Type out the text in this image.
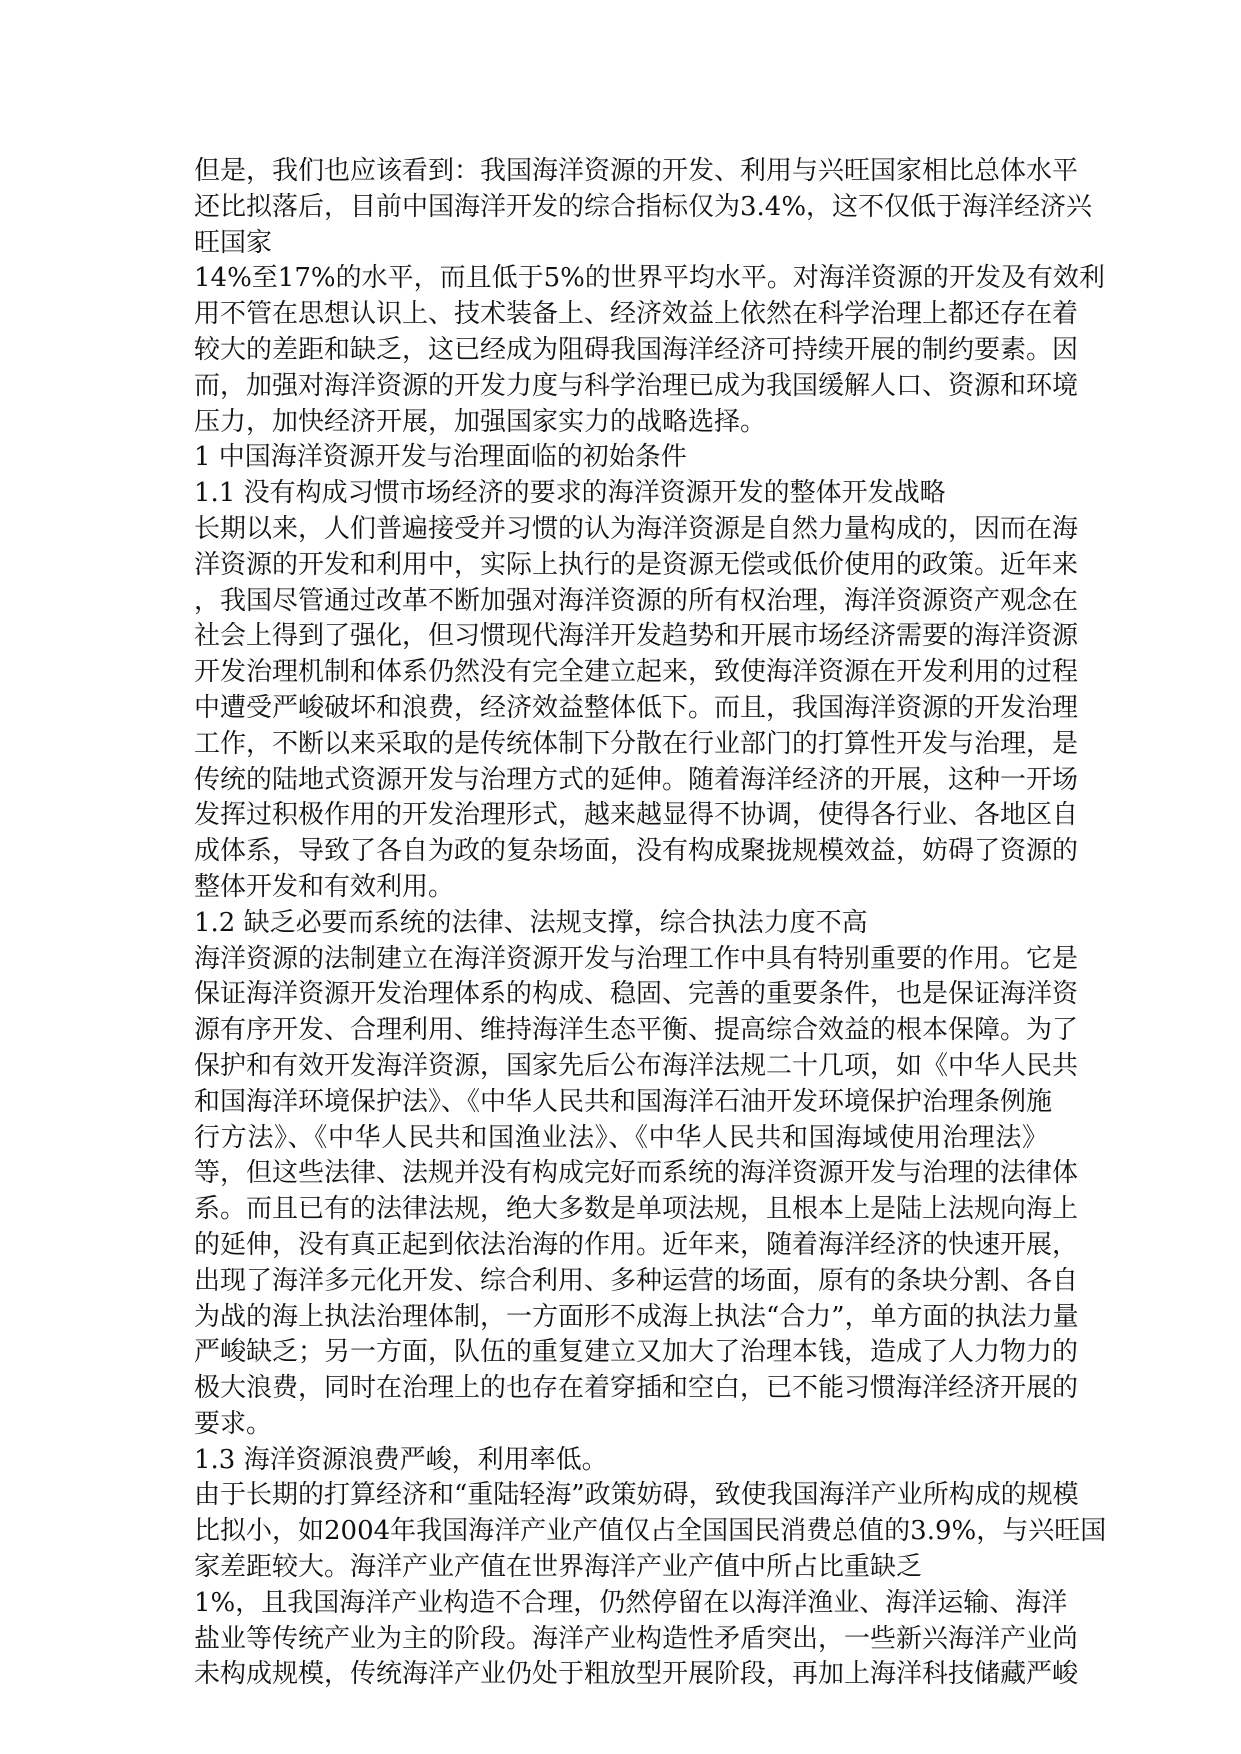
但是，我们也应该看到：我国海洋资源的开发、利用与兴旺国家相比总体水平
还比拟落后，目前中国海洋开发的综合指标仅为3.4%，这不仅低于海洋经济兴
旺国家
14%至17%的水平，而且低于5%的世界平均水平。对海洋资源的开发及有效利
用不管在思想认识上、技术装备上、经济效益上依然在科学治理上都还存在着
较大的差距和缺乏，这已经成为阻碍我国海洋经济可持续开展的制约要素。因
而，加强对海洋资源的开发力度与科学治理已成为我国缓解人口、资源和环境
压力，加快经济开展，加强国家实力的战略选择。
1 中国海洋资源开发与治理面临的初始条件
1.1 没有构成习惯市场经济的要求的海洋资源开发的整体开发战略
长期以来，人们普遍接受并习惯的认为海洋资源是自然力量构成的，因而在海
洋资源的开发和利用中，实际上执行的是资源无偿或低价使用的政策。近年来
，我国尽管通过改革不断加强对海洋资源的所有权治理，海洋资源资产观念在
社会上得到了强化，但习惯现代海洋开发趋势和开展市场经济需要的海洋资源
开发治理机制和体系仍然没有完全建立起来，致使海洋资源在开发利用的过程
中遭受严峻破坏和浪费，经济效益整体低下。而且，我国海洋资源的开发治理
工作，不断以来采取的是传统体制下分散在行业部门的打算性开发与治理，是
传统的陆地式资源开发与治理方式的延伸。随着海洋经济的开展，这种一开场
发挥过积极作用的开发治理形式，越来越显得不协调，使得各行业、各地区自
成体系，导致了各自为政的复杂场面，没有构成聚拢规模效益，妨碍了资源的
整体开发和有效利用。
1.2 缺乏必要而系统的法律、法规支撑，综合执法力度不高
海洋资源的法制建立在海洋资源开发与治理工作中具有特别重要的作用。它是
保证海洋资源开发治理体系的构成、稳固、完善的重要条件，也是保证海洋资
源有序开发、合理利用、维持海洋生态平衡、提高综合效益的根本保障。为了
保护和有效开发海洋资源，国家先后公布海洋法规二十几项，如《中华人民共
和国海洋环境保护法》、《中华人民共和国海洋石油开发环境保护治理条例施
行方法》、《中华人民共和国渔业法》、《中华人民共和国海域使用治理法》
等，但这些法律、法规并没有构成完好而系统的海洋资源开发与治理的法律体
系。而且已有的法律法规，绝大多数是单项法规，且根本上是陆上法规向海上
的延伸，没有真正起到依法治海的作用。近年来，随着海洋经济的快速开展，
出现了海洋多元化开发、综合利用、多种运营的场面，原有的条块分割、各自
为战的海上执法治理体制，一方面形不成海上执法“合力”，单方面的执法力量
严峻缺乏；另一方面，队伍的重复建立又加大了治理本钱，造成了人力物力的
极大浪费，同时在治理上的也存在着穿插和空白，已不能习惯海洋经济开展的
要求。
1.3 海洋资源浪费严峻，利用率低。
由于长期的打算经济和“重陆轻海”政策妨碍，致使我国海洋产业所构成的规模
比拟小，如2004年我国海洋产业产值仅占全国国民消费总值的3.9%，与兴旺国
家差距较大。海洋产业产值在世界海洋产业产值中所占比重缺乏
1%，且我国海洋产业构造不合理，仍然停留在以海洋渔业、海洋运输、海洋
盐业等传统产业为主的阶段。海洋产业构造性矛盾突出，一些新兴海洋产业尚
未构成规模，传统海洋产业仍处于粗放型开展阶段，再加上海洋科技储藏严峻
